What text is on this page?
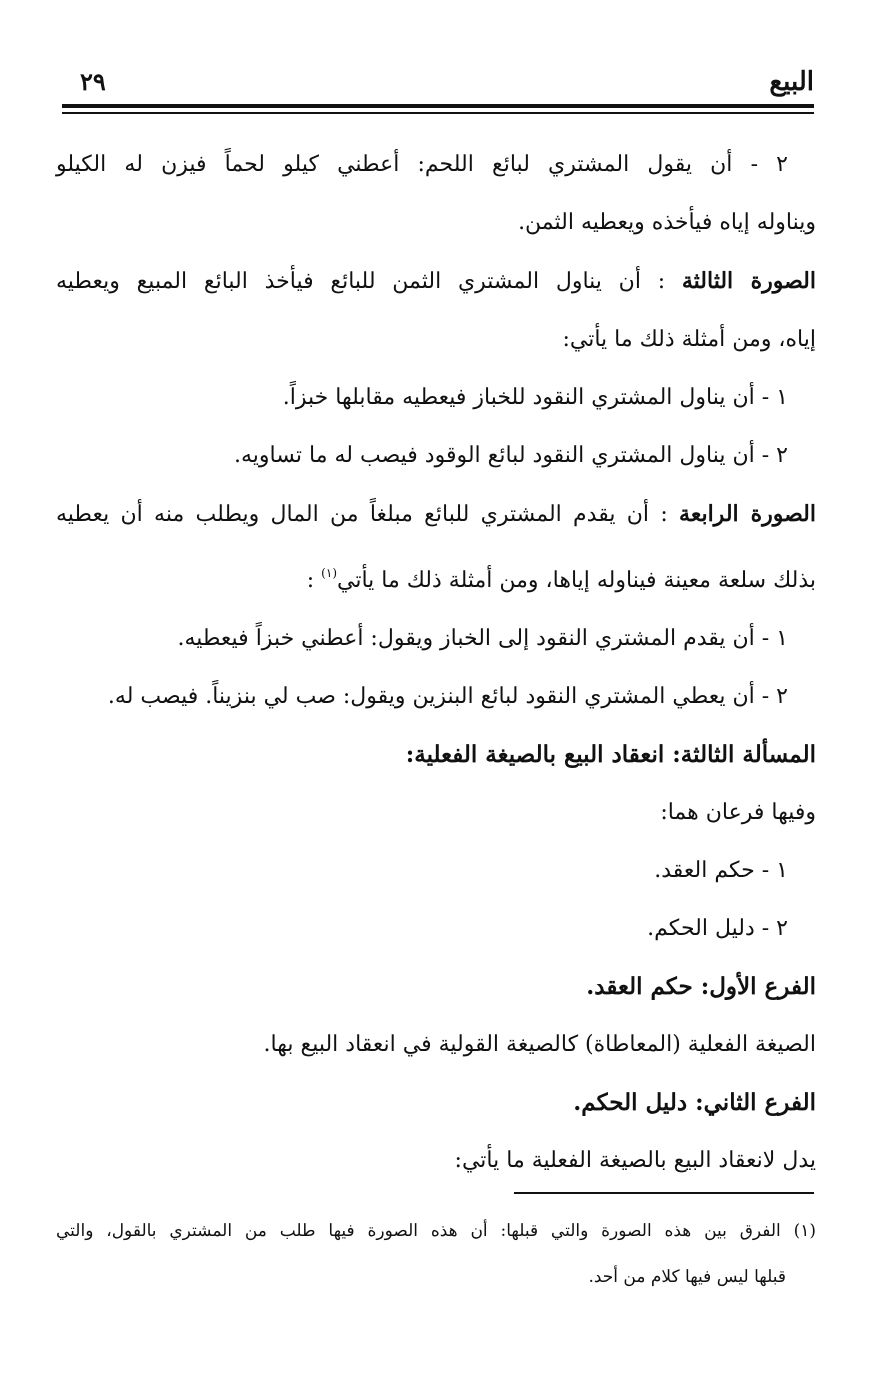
البيع
٢٩

٢ - أن يقول المشتري لبائع اللحم: أعطني كيلو لحماً فيزن له الكيلو

ويناوله إياه فيأخذه ويعطيه الثمن.

الصورة الثالثة : أن يناول المشتري الثمن للبائع فيأخذ البائع المبيع ويعطيه

إياه، ومن أمثلة ذلك ما يأتي:

١ - أن يناول المشتري النقود للخباز فيعطيه مقابلها خبزاً.

٢ - أن يناول المشتري النقود لبائع الوقود فيصب له ما تساويه.

الصورة الرابعة : أن يقدم المشتري للبائع مبلغاً من المال ويطلب منه أن يعطيه

بذلك سلعة معينة فيناوله إياها، ومن أمثلة ذلك ما يأتي$^{(١)}$ :

١ - أن يقدم المشتري النقود إلى الخباز ويقول: أعطني خبزاً فيعطيه.

٢ - أن يعطي المشتري النقود لبائع البنزين ويقول: صب لي بنزيناً. فيصب له.

المسألة الثالثة: انعقاد البيع بالصيغة الفعلية:

وفيها فرعان هما:

١ - حكم العقد.

٢ - دليل الحكم.

الفرع الأول: حكم العقد.

الصيغة الفعلية (المعاطاة) كالصيغة القولية في انعقاد البيع بها.

الفرع الثاني: دليل الحكم.

يدل لانعقاد البيع بالصيغة الفعلية ما يأتي:

(١) الفرق بين هذه الصورة والتي قبلها: أن هذه الصورة فيها طلب من المشتري بالقول، والتي

قبلها ليس فيها كلام من أحد.
